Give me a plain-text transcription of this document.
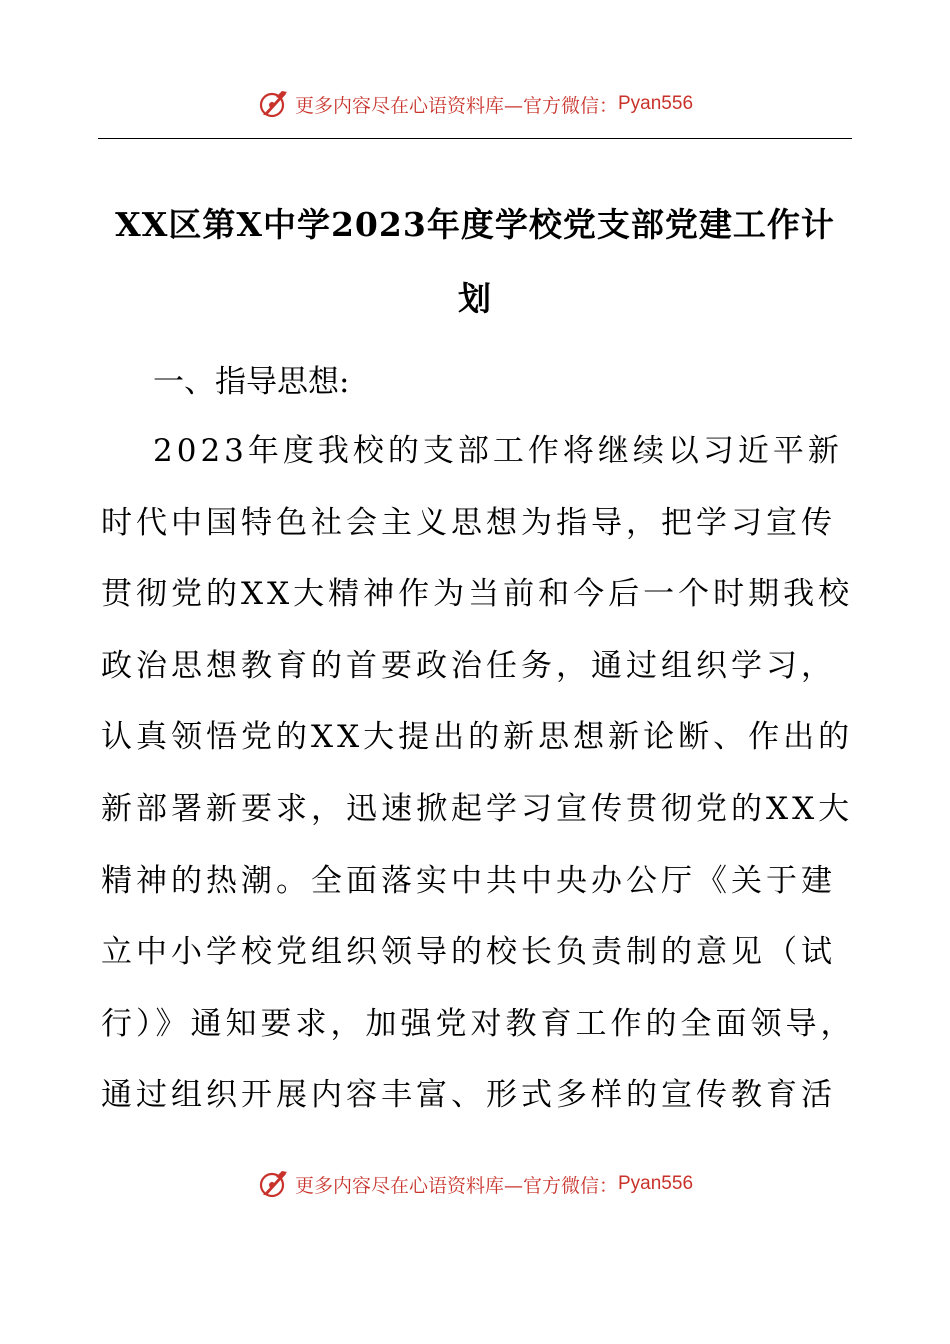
更多内容尽在心语资料库—官方微信： Pyan556
XX区第X中学2023年度学校党支部党建工作计
划
一、指导思想:
2023年度我校的支部工作将继续以习近平新
时代中国特色社会主义思想为指导，把学习宣传
贯彻党的XX大精神作为当前和今后一个时期我校
政治思想教育的首要政治任务，通过组织学习，
认真领悟党的XX大提出的新思想新论断、作出的
新部署新要求，迅速掀起学习宣传贯彻党的XX大
精神的热潮。全面落实中共中央办公厅《关于建
立中小学校党组织领导的校长负责制的意见（试
行）》通知要求，加强党对教育工作的全面领导，
通过组织开展内容丰富、形式多样的宣传教育活
更多内容尽在心语资料库—官方微信： Pyan556
